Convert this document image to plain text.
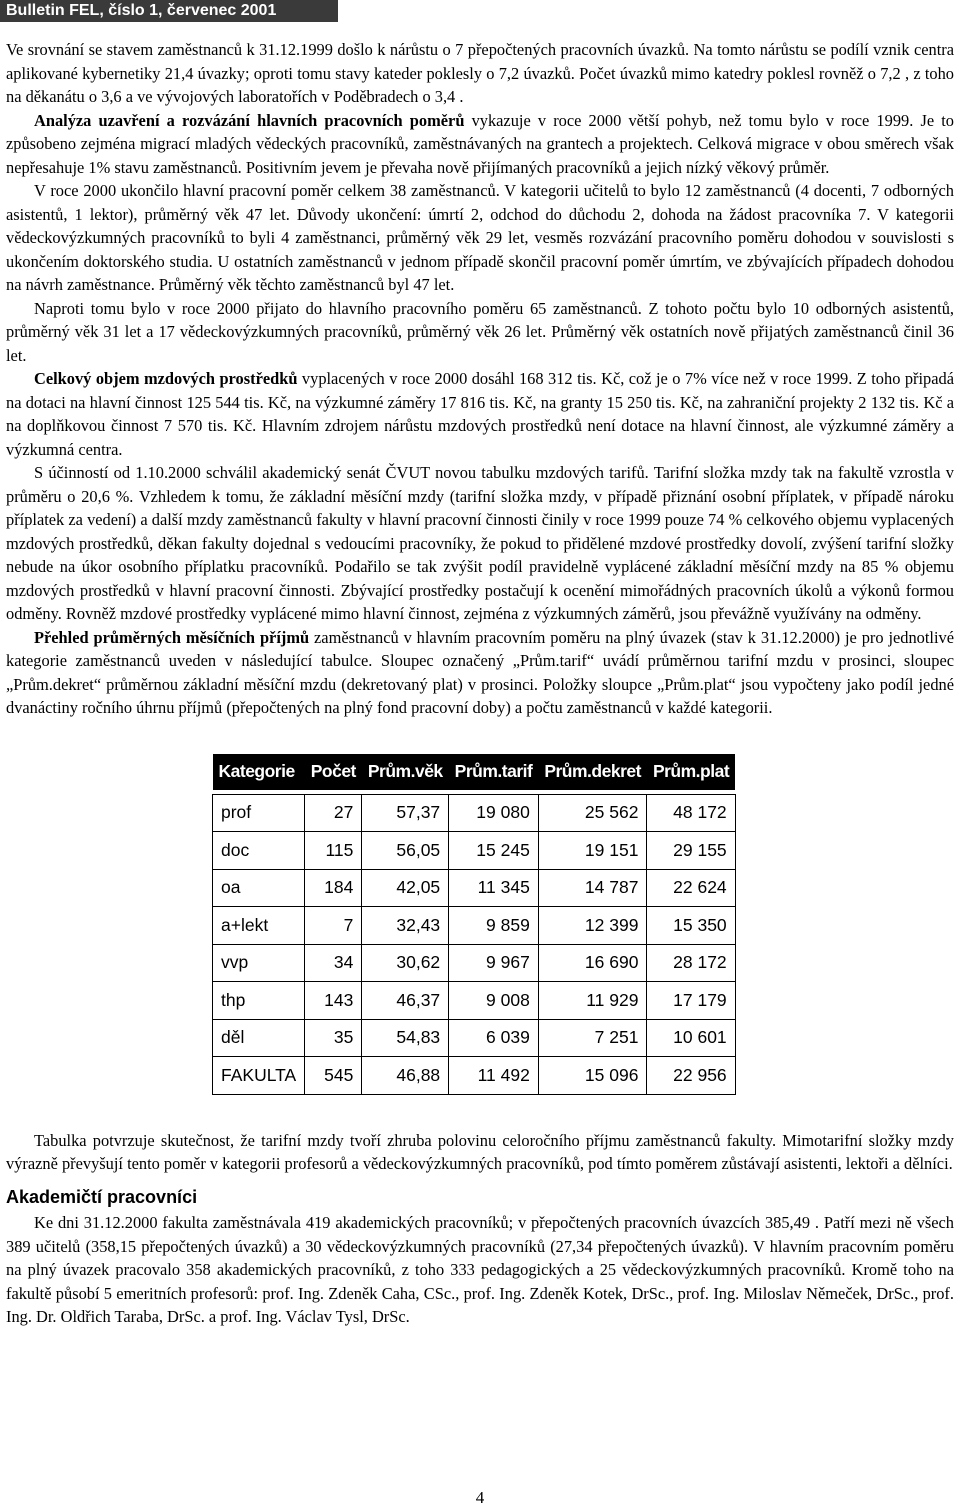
Bulletin FEL, číslo 1, červenec 2001

Ve srovnání se stavem zaměstnanců k 31.12.1999 došlo k nárůstu o 7 přepočtených pracovních úvazků. Na tomto nárůstu se podílí vznik centra aplikované kybernetiky 21,4 úvazky; oproti tomu stavy kateder poklesly o 7,2 úvazků. Počet úvazků mimo katedry poklesl rovněž o 7,2 , z toho na děkanátu o 3,6 a ve vývojových laboratořích v Poděbradech o 3,4 .

Analýza uzavření a rozvázání hlavních pracovních poměrů vykazuje v roce 2000 větší pohyb, než tomu bylo v roce 1999. Je to způsobeno zejména migrací mladých vědeckých pracovníků, zaměstnávaných na grantech a projektech. Celková migrace v obou směrech však nepřesahuje 1% stavu zaměstnanců. Positivním jevem je převaha nově přijímaných pracovníků a jejich nízký věkový průměr.

V roce 2000 ukončilo hlavní pracovní poměr celkem 38 zaměstnanců. V kategorii učitelů to bylo 12 zaměstnanců (4 docenti, 7 odborných asistentů, 1 lektor), průměrný věk 47 let. Důvody ukončení: úmrtí 2, odchod do důchodu 2, dohoda na žádost pracovníka 7. V kategorii vědeckovýzkumných pracovníků to byli 4 zaměstnanci, průměrný věk 29 let, vesměs rozvázání pracovního poměru dohodou v souvislosti s ukončením doktorského studia. U ostatních zaměstnanců v jednom případě skončil pracovní poměr úmrtím, ve zbývajících případech dohodou na návrh zaměstnance. Průměrný věk těchto zaměstnanců byl 47 let.

Naproti tomu bylo v roce 2000 přijato do hlavního pracovního poměru 65 zaměstnanců. Z tohoto počtu bylo 10 odborných asistentů, průměrný věk 31 let a 17 vědeckovýzkumných pracovníků, průměrný věk 26 let. Průměrný věk ostatních nově přijatých zaměstnanců činil 36 let.

Celkový objem mzdových prostředků vyplacených v roce 2000 dosáhl 168 312 tis. Kč, což je o 7% více než v roce 1999. Z toho připadá na dotaci na hlavní činnost 125 544 tis. Kč, na výzkumné záměry 17 816 tis. Kč, na granty 15 250 tis. Kč, na zahraniční projekty 2 132 tis. Kč a na doplňkovou činnost 7 570 tis. Kč. Hlavním zdrojem nárůstu mzdových prostředků není dotace na hlavní činnost, ale výzkumné záměry a výzkumná centra.

S účinností od 1.10.2000 schválil akademický senát ČVUT novou tabulku mzdových tarifů. Tarifní složka mzdy tak na fakultě vzrostla v průměru o 20,6 %. Vzhledem k tomu, že základní měsíční mzdy (tarifní složka mzdy, v případě přiznání osobní příplatek, v případě nároku příplatek za vedení) a další mzdy zaměstnanců fakulty v hlavní pracovní činnosti činily v roce 1999 pouze 74 % celkového objemu vyplacených mzdových prostředků, děkan fakulty dojednal s vedoucími pracovníky, že pokud to přidělené mzdové prostředky dovolí, zvýšení tarifní složky nebude na úkor osobního příplatku pracovníků. Podařilo se tak zvýšit podíl pravidelně vyplácené základní měsíční mzdy na 85 % objemu mzdových prostředků v hlavní pracovní činnosti. Zbývající prostředky postačují k ocenění mimořádných pracovních úkolů a výkonů formou odměny. Rovněž mzdové prostředky vyplácené mimo hlavní činnost, zejména z výzkumných záměrů, jsou převážně využívány na odměny.

Přehled průměrných měsíčních příjmů zaměstnanců v hlavním pracovním poměru na plný úvazek (stav k 31.12.2000) je pro jednotlivé kategorie zaměstnanců uveden v následující tabulce. Sloupec označený „Prům.tarif“ uvádí průměrnou tarifní mzdu v prosinci, sloupec „Prům.dekret“ průměrnou základní měsíční mzdu (dekretovaný plat) v prosinci. Položky sloupce „Prům.plat“ jsou vypočteny jako podíl jedné dvanáctiny ročního úhrnu příjmů (přepočtených na plný fond pracovní doby) a počtu zaměstnanců v každé kategorii.

Kategorie	Počet	Prům.věk	Prům.tarif	Prům.dekret	Prům.plat

prof	27	57,37	19 080	25 562	48 172
doc	115	56,05	15 245	19 151	29 155
oa	184	42,05	11 345	14 787	22 624
a+lekt	7	32,43	9 859	12 399	15 350
vvp	34	30,62	9 967	16 690	28 172
thp	143	46,37	9 008	11 929	17 179
děl	35	54,83	6 039	7 251	10 601
FAKULTA	545	46,88	11 492	15 096	22 956

Tabulka potvrzuje skutečnost, že tarifní mzdy tvoří zhruba polovinu celoročního příjmu zaměstnanců fakulty. Mimotarifní složky mzdy výrazně převyšují tento poměr v kategorii profesorů a vědeckovýzkumných pracovníků, pod tímto poměrem zůstávají asistenti, lektoři a dělníci.

Akademičtí pracovníci

Ke dni 31.12.2000 fakulta zaměstnávala 419 akademických pracovníků; v přepočtených pracovních úvazcích 385,49 . Patří mezi ně všech 389 učitelů (358,15 přepočtených úvazků) a 30 vědeckovýzkumných pracovníků (27,34 přepočtených úvazků). V hlavním pracovním poměru na plný úvazek pracovalo 358 akademických pracovníků, z toho 333 pedagogických a 25 vědeckovýzkumných pracovníků. Kromě toho na fakultě působí 5 emeritních profesorů: prof. Ing. Zdeněk Caha, CSc., prof. Ing. Zdeněk Kotek, DrSc., prof. Ing. Miloslav Němeček, DrSc., prof. Ing. Dr. Oldřich Taraba, DrSc. a prof. Ing. Václav Tysl, DrSc.

4
